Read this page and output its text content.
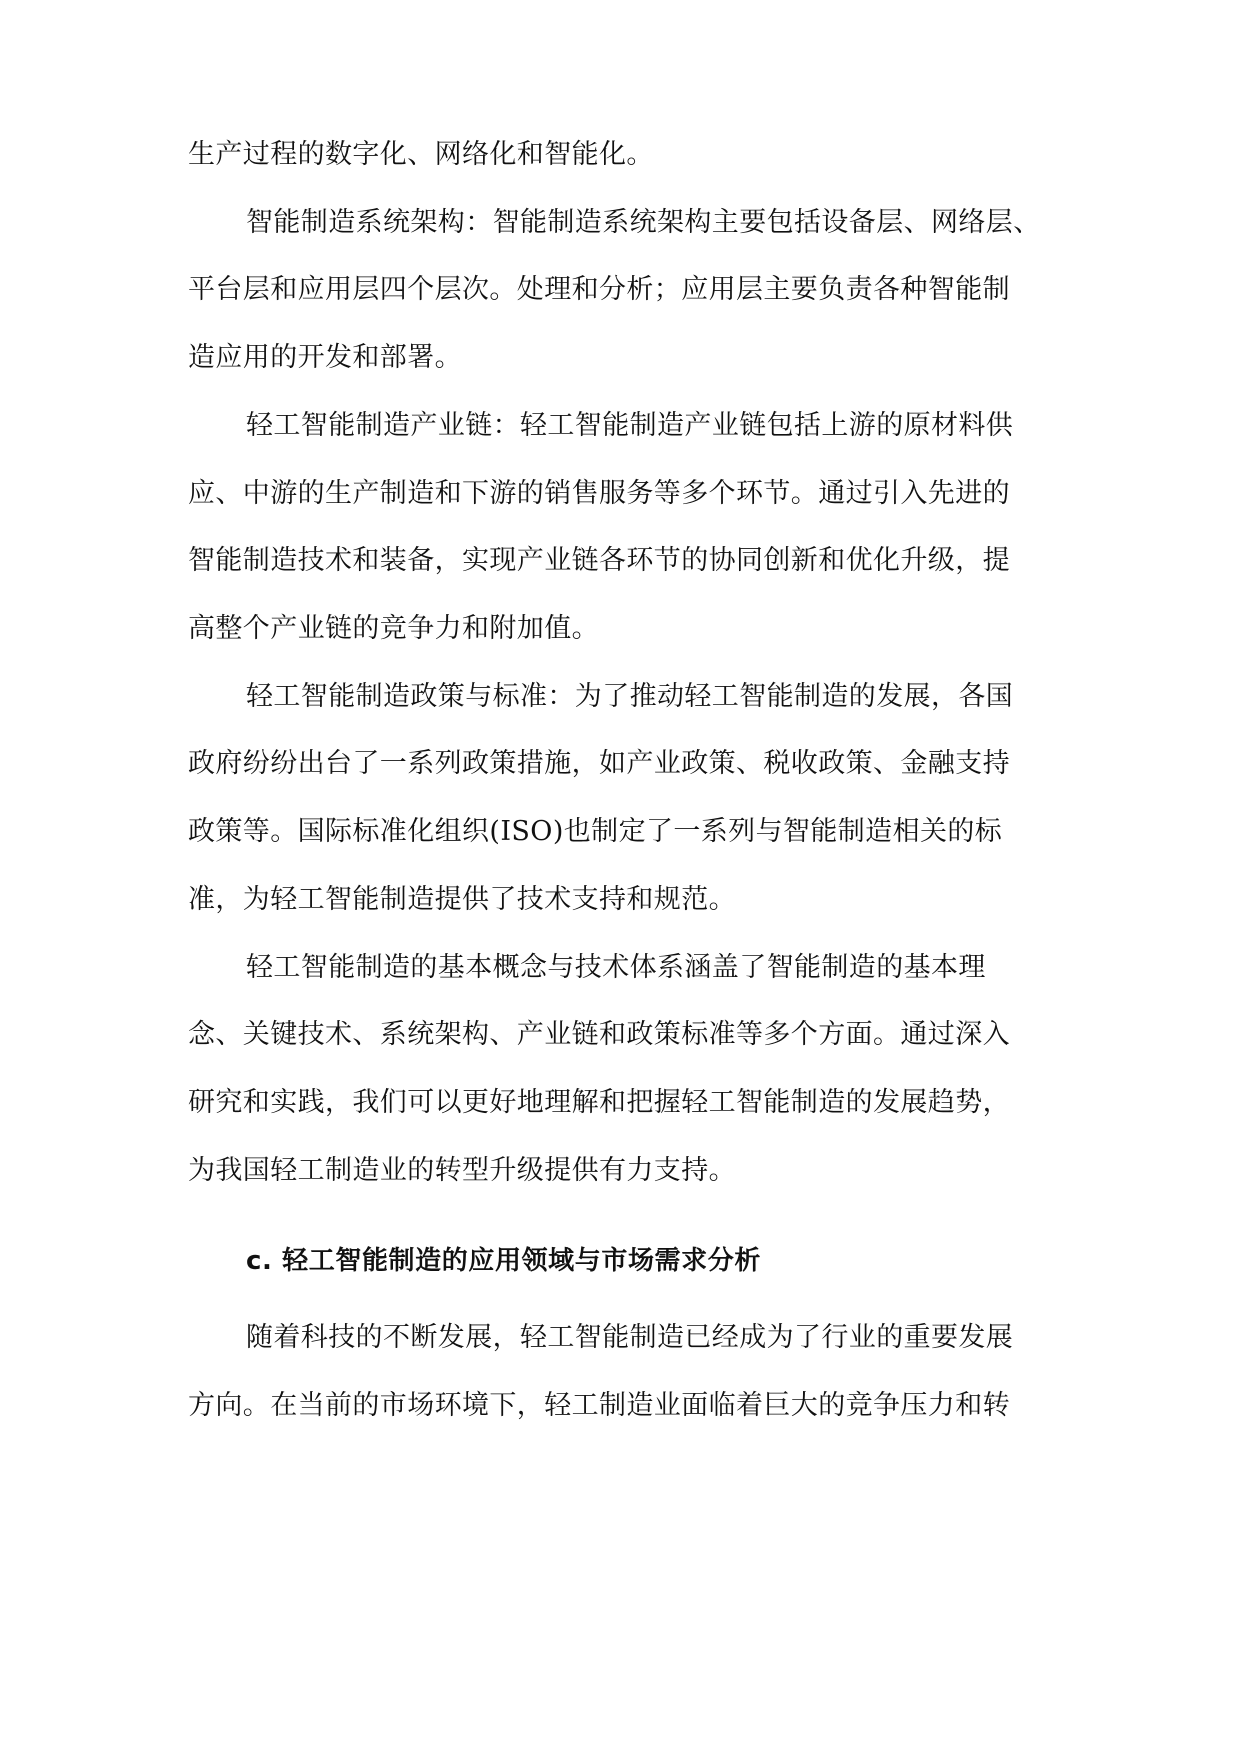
生产过程的数字化、网络化和智能化。
智能制造系统架构：智能制造系统架构主要包括设备层、网络层、
平台层和应用层四个层次。处理和分析；应用层主要负责各种智能制
造应用的开发和部署。
轻工智能制造产业链：轻工智能制造产业链包括上游的原材料供
应、中游的生产制造和下游的销售服务等多个环节。通过引入先进的
智能制造技术和装备，实现产业链各环节的协同创新和优化升级，提
高整个产业链的竞争力和附加值。
轻工智能制造政策与标准：为了推动轻工智能制造的发展，各国
政府纷纷出台了一系列政策措施，如产业政策、税收政策、金融支持
政策等。国际标准化组织(ISO)也制定了一系列与智能制造相关的标
准，为轻工智能制造提供了技术支持和规范。
轻工智能制造的基本概念与技术体系涵盖了智能制造的基本理
念、关键技术、系统架构、产业链和政策标准等多个方面。通过深入
研究和实践，我们可以更好地理解和把握轻工智能制造的发展趋势，
为我国轻工制造业的转型升级提供有力支持。
c. 轻工智能制造的应用领域与市场需求分析
随着科技的不断发展，轻工智能制造已经成为了行业的重要发展
方向。在当前的市场环境下，轻工制造业面临着巨大的竞争压力和转
